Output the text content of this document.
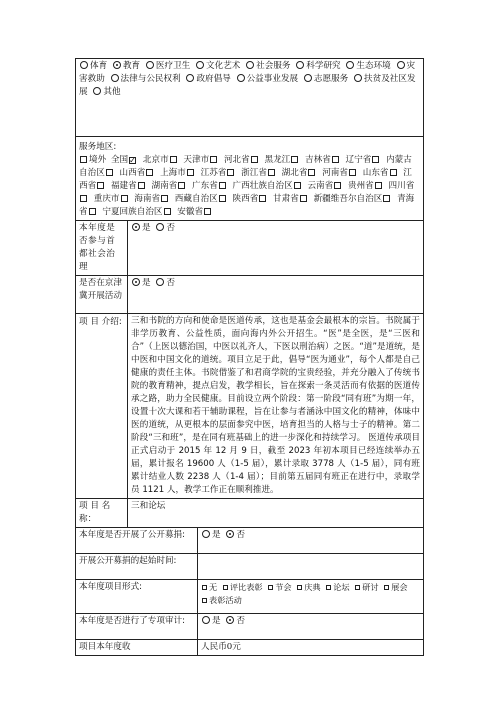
体育 教育 医疗卫生 文化艺术 社会服务 科学研究 生态环境 灾害救助 法律与公民权利 政府倡导 公益事业发展 志愿服务 扶贫及社区发展 其他		

服务地区:
境外 全国 ✓ 北京市 天津市 河北省 黑龙江 吉林省 辽宁省 内蒙古自治区 山西省 上海市 江苏省 浙江省 湖北省 河南省 山东省 江西省 福建省 湖南省 广东省 广西壮族自治区 云南省 贵州省 四川省 重庆市 海南省 西藏自治区 陕西省 甘肃省 新疆维吾尔自治区 青海省 宁夏回族自治区 安徽省
本年度是否参与首都社会治理	是 否	
是否在京津冀开展活动	是 否	
项 目 介绍:	三和书院的方向和使命是医道传承，这也是基金会最根本的宗旨。书院属于非学历教育、公益性质，面向海内外公开招生。“医”是全医，是“三医和合”（上医以德治国，中医以礼齐人，下医以刑治病）之医。“道”是道统，是中医和中国文化的道统。项目立足于此，倡导“医为通业”，每个人都是自己健康的责任主体。书院借鉴了和君商学院的宝贵经验，并充分融入了传统书院的教育精神，提点启发，教学相长，旨在探索一条灵活而有依据的医道传承之路，助力全民健康。目前设立两个阶段：第一阶段“同有班”为期一年，设置十次大课和若干辅助课程，旨在让参与者涵泳中国文化的精神，体味中医的道统，从更根本的层面参究中医，培育担当的人格与士子的精神。第二阶段“三和班”，是在同有班基础上的进一步深化和持续学习。 医道传承项目正式启动于 2015 年 12 月 9 日，截至 2023 年初本项目已经连续举办五届，累计报名 19600 人（1-5 届），累计录取 3778 人（1-5 届），同有班累计结业人数 2238 人（1-4 届）；目前第五届同有班正在进行中，录取学员 1121 人，教学工作正在顺利推进。	
项 目 名称：	三和论坛	
本年度是否开展了公开募捐:		是 否
开展公开募捐的起始时间:		
本年度项目形式:		无 评比表彰 节会 庆典 论坛 研讨 展会 表彰活动
本年度是否进行了专项审计:		是 否
项目本年度收		人民币0元
